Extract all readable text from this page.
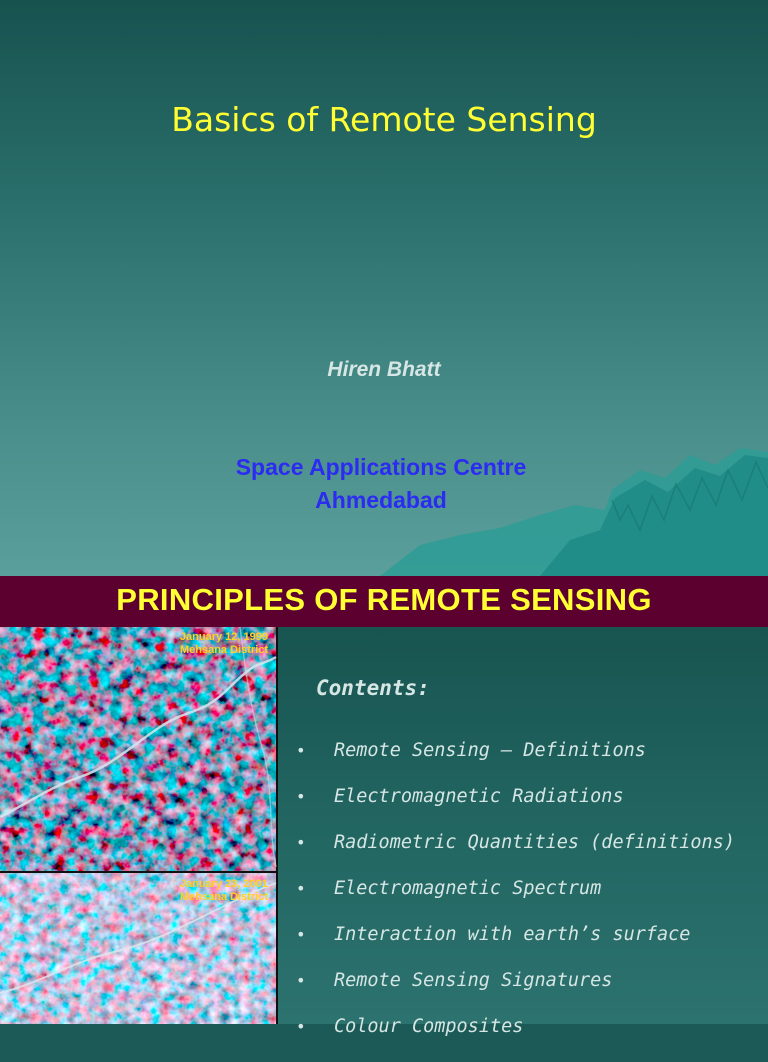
Basics of Remote Sensing
Hiren Bhatt
Space Applications Centre
Ahmedabad
PRINCIPLES OF REMOTE SENSING
January 12, 1999
Mehsana District
January 23, 2001
Mehsana District
Contents:
• Remote Sensing – Definitions
• Electromagnetic Radiations
• Radiometric Quantities (definitions)
• Electromagnetic Spectrum
• Interaction with earth’s surface
• Remote Sensing Signatures
• Colour Composites
